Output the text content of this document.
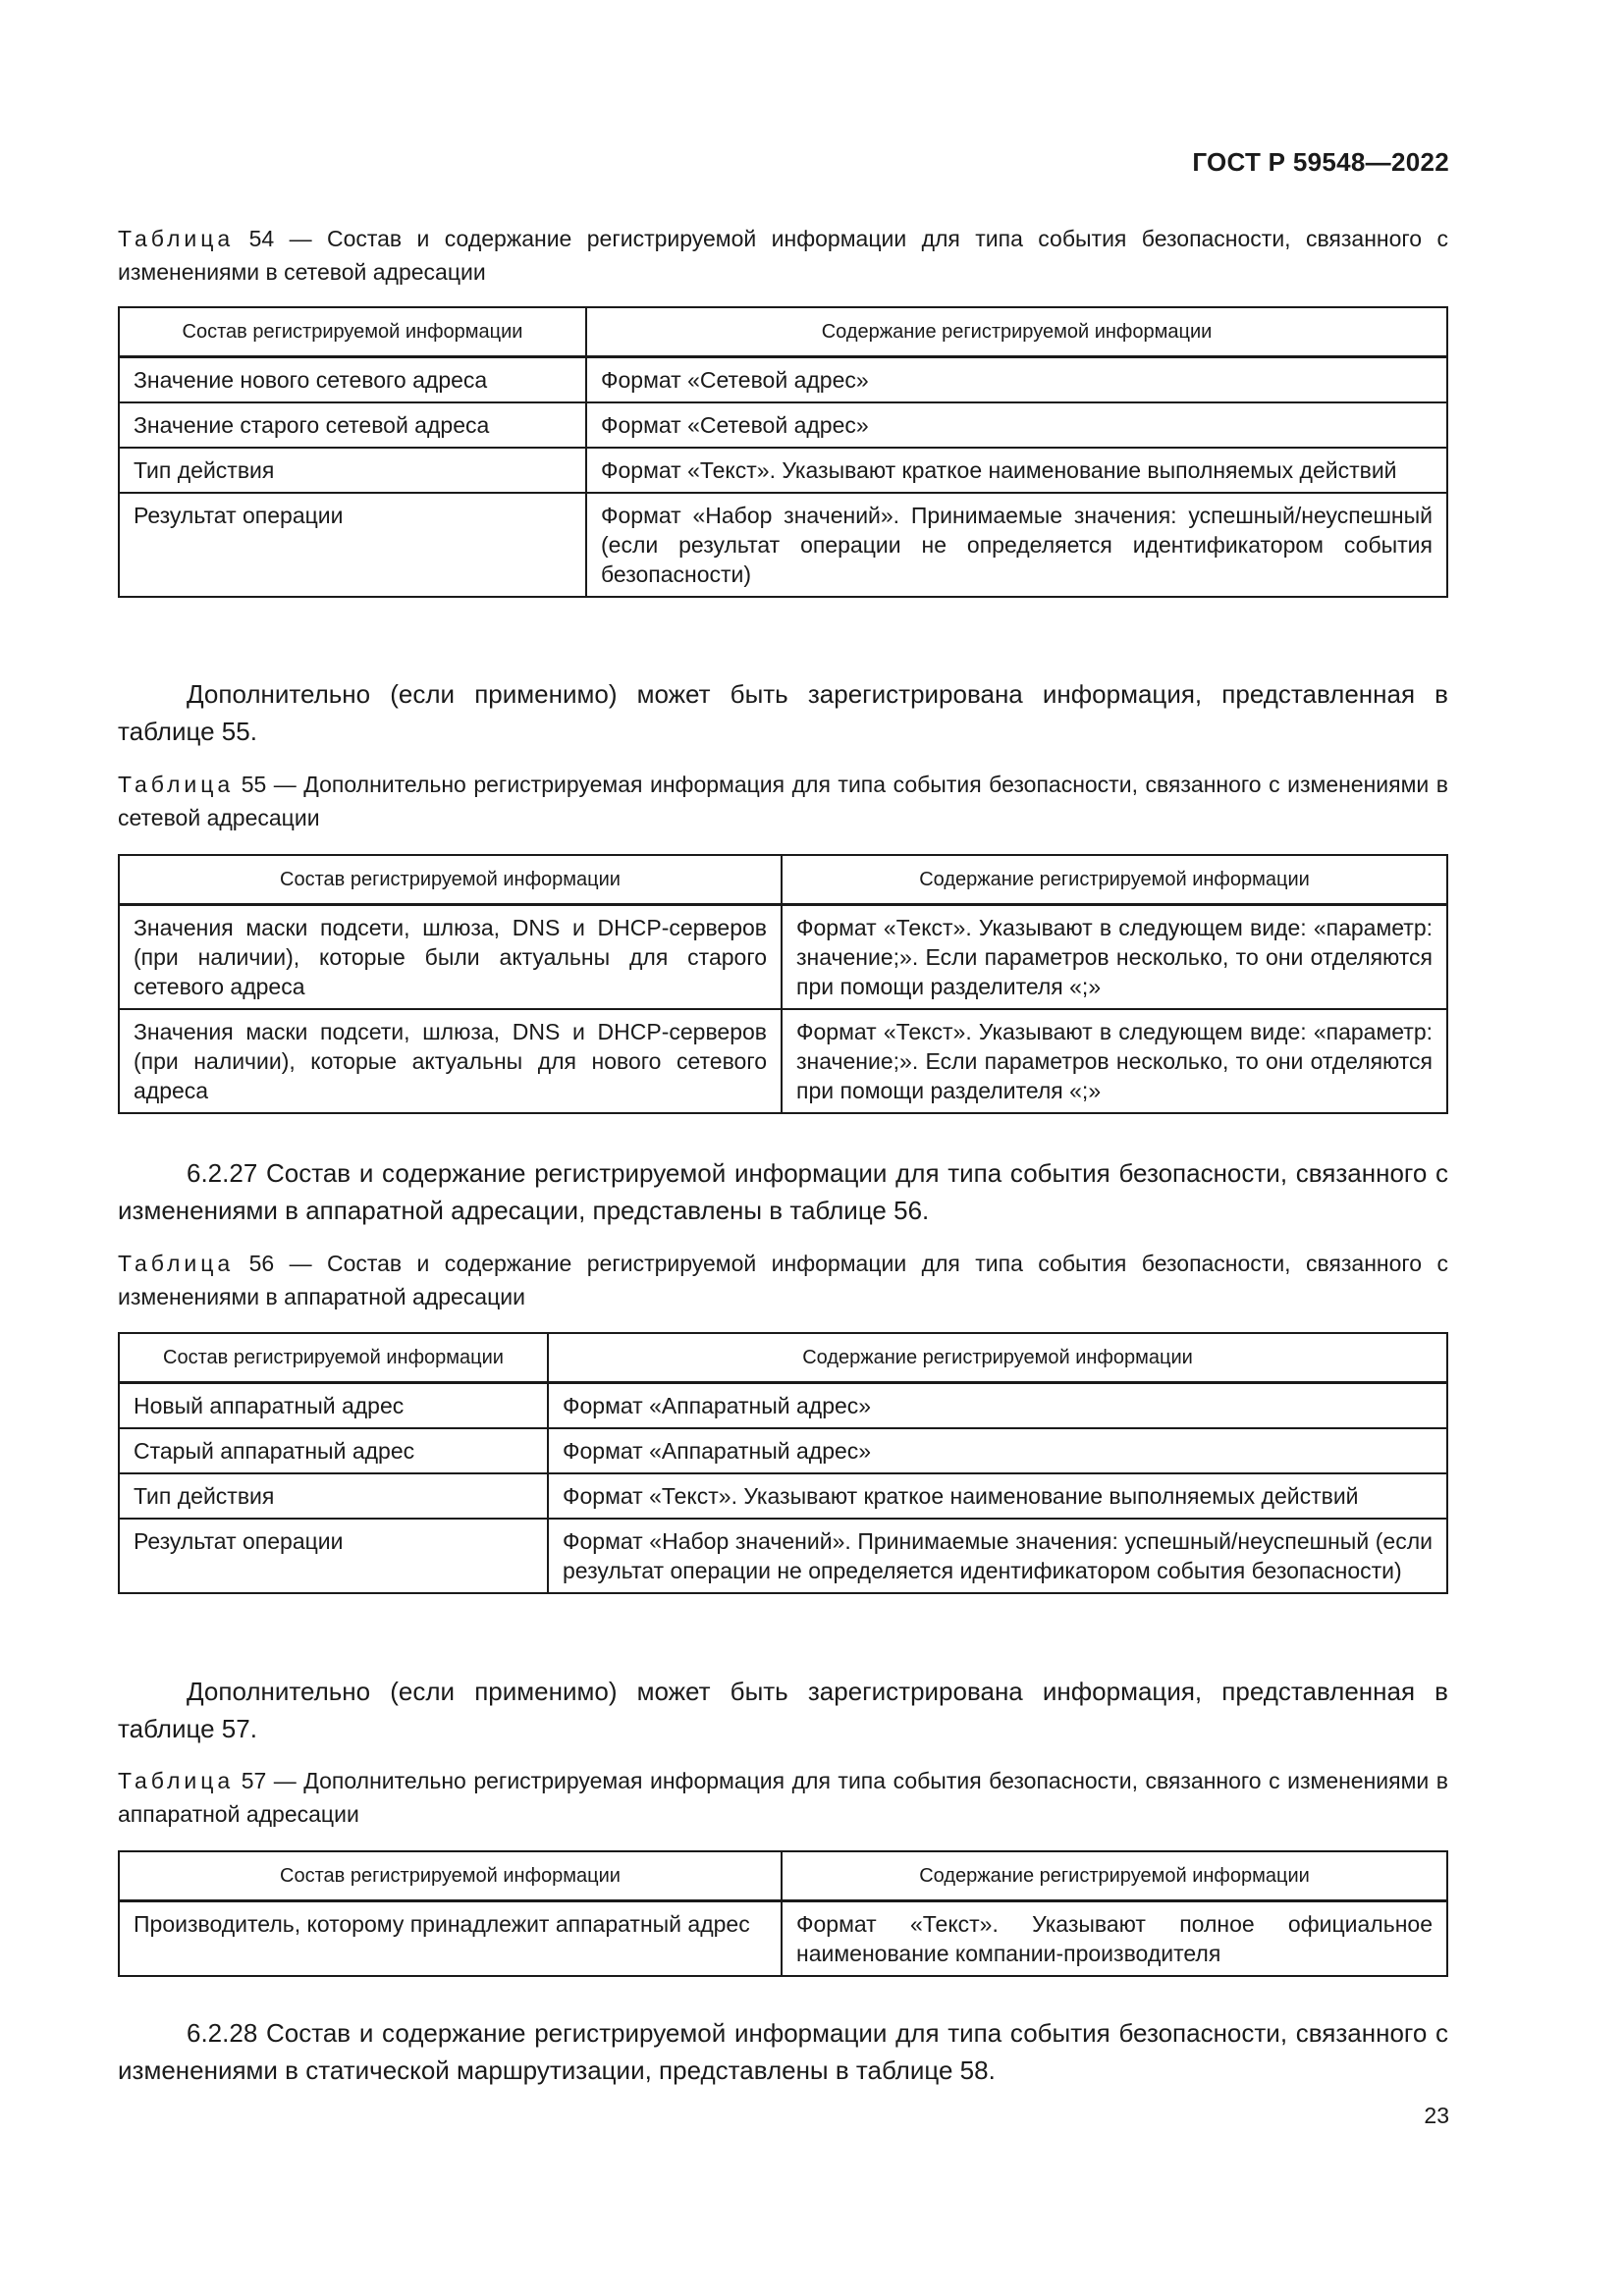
ГОСТ Р 59548—2022
Таблица 54 — Состав и содержание регистрируемой информации для типа события безопасности, связанного с изменениями в сетевой адресации
Состав регистрируемой информации	Содержание регистрируемой информации
Значение нового сетевого адреса	Формат «Сетевой адрес»
Значение старого сетевой адреса	Формат «Сетевой адрес»
Тип действия	Формат «Текст». Указывают краткое наименование выполняемых действий
Результат операции	Формат «Набор значений». Принимаемые значения: успешный/неуспешный (если результат операции не определяется идентификатором события безопасности)
Дополнительно (если применимо) может быть зарегистрирована информация, представленная в таблице 55.
Таблица 55 — Дополнительно регистрируемая информация для типа события безопасности, связанного с изменениями в сетевой адресации
Состав регистрируемой информации	Содержание регистрируемой информации
Значения маски подсети, шлюза, DNS и DHCP-серверов (при наличии), которые были актуальны для старого сетевого адреса	Формат «Текст». Указывают в следующем виде: «параметр: значение;». Если параметров несколько, то они отделяются при помощи разделителя «;»
Значения маски подсети, шлюза, DNS и DHCP-серверов (при наличии), которые актуальны для нового сетевого адреса	Формат «Текст». Указывают в следующем виде: «параметр: значение;». Если параметров несколько, то они отделяются при помощи разделителя «;»
6.2.27 Состав и содержание регистрируемой информации для типа события безопасности, связанного с изменениями в аппаратной адресации, представлены в таблице 56.
Таблица 56 — Состав и содержание регистрируемой информации для типа события безопасности, связанного с изменениями в аппаратной адресации
Состав регистрируемой информации	Содержание регистрируемой информации
Новый аппаратный адрес	Формат «Аппаратный адрес»
Старый аппаратный адрес	Формат «Аппаратный адрес»
Тип действия	Формат «Текст». Указывают краткое наименование выполняемых действий
Результат операции	Формат «Набор значений». Принимаемые значения: успешный/неуспешный (если результат операции не определяется идентификатором события безопасности)
Дополнительно (если применимо) может быть зарегистрирована информация, представленная в таблице 57.
Таблица 57 — Дополнительно регистрируемая информация для типа события безопасности, связанного с изменениями в аппаратной адресации
Состав регистрируемой информации	Содержание регистрируемой информации
Производитель, которому принадлежит аппаратный адрес	Формат «Текст». Указывают полное официальное наименование компании-производителя
6.2.28 Состав и содержание регистрируемой информации для типа события безопасности, связанного с изменениями в статической маршрутизации, представлены в таблице 58.
23
